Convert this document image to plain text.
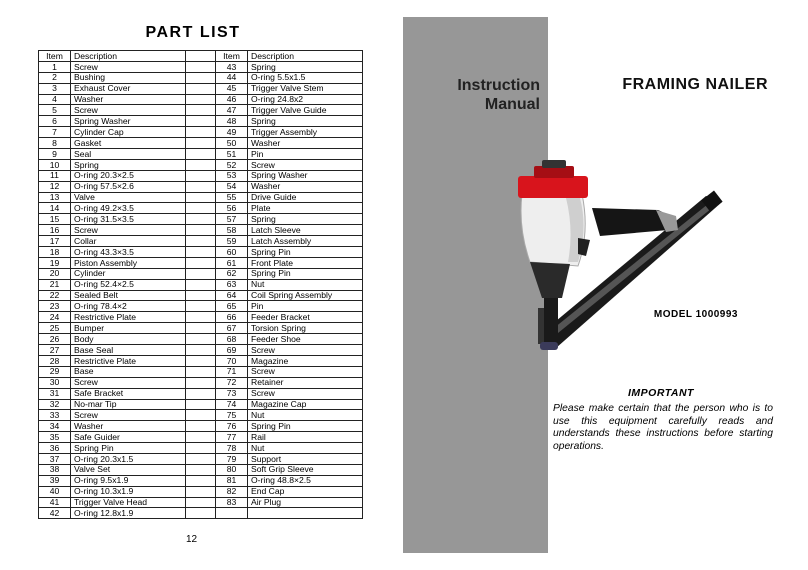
PART LIST
Item	Description		Item	Description
1	Screw		43	Spring
2	Bushing		44	O-ring 5.5x1.5
3	Exhaust Cover		45	Trigger Valve Stem
4	Washer		46	O-ring 24.8x2
5	Screw		47	Trigger Valve Guide
6	Spring Washer		48	Spring
7	Cylinder Cap		49	Trigger Assembly
8	Gasket		50	Washer
9	Seal		51	Pin
10	Spring		52	Screw
11	O-ring 20.3×2.5		53	Spring Washer
12	O-ring 57.5×2.6		54	Washer
13	Valve		55	Drive Guide
14	O-ring 49.2×3.5		56	Plate
15	O-ring 31.5×3.5		57	Spring
16	Screw		58	Latch Sleeve
17	Collar		59	Latch Assembly
18	O-ring 43.3×3.5		60	Spring Pin
19	Piston Assembly		61	Front Plate
20	Cylinder		62	Spring Pin
21	O-ring 52.4×2.5		63	Nut
22	Sealed Belt		64	Coil Spring Assembly
23	O-ring 78.4×2		65	Pin
24	Restrictive Plate		66	Feeder Bracket
25	Bumper		67	Torsion Spring
26	Body		68	Feeder Shoe
27	Base Seal		69	Screw
28	Restrictive Plate		70	Magazine
29	Base		71	Screw
30	Screw		72	Retainer
31	Safe Bracket		73	Screw
32	No-mar Tip		74	Magazine Cap
33	Screw		75	Nut
34	Washer		76	Spring Pin
35	Safe Guider		77	Rail
36	Spring Pin		78	Nut
37	O-ring 20.3x1.5		79	Support
38	Valve Set		80	Soft Grip Sleeve
39	O-ring 9.5x1.9		81	O-ring 48.8×2.5
40	O-ring 10.3x1.9		82	End Cap
41	Trigger Valve Head		83	Air Plug
42	O-ring 12.8x1.9			
12
Instruction
Manual
FRAMING NAILER
MODEL 1000993
IMPORTANT
Please make certain that the person who is to use this equipment carefully reads and understands these instructions before starting operations.
